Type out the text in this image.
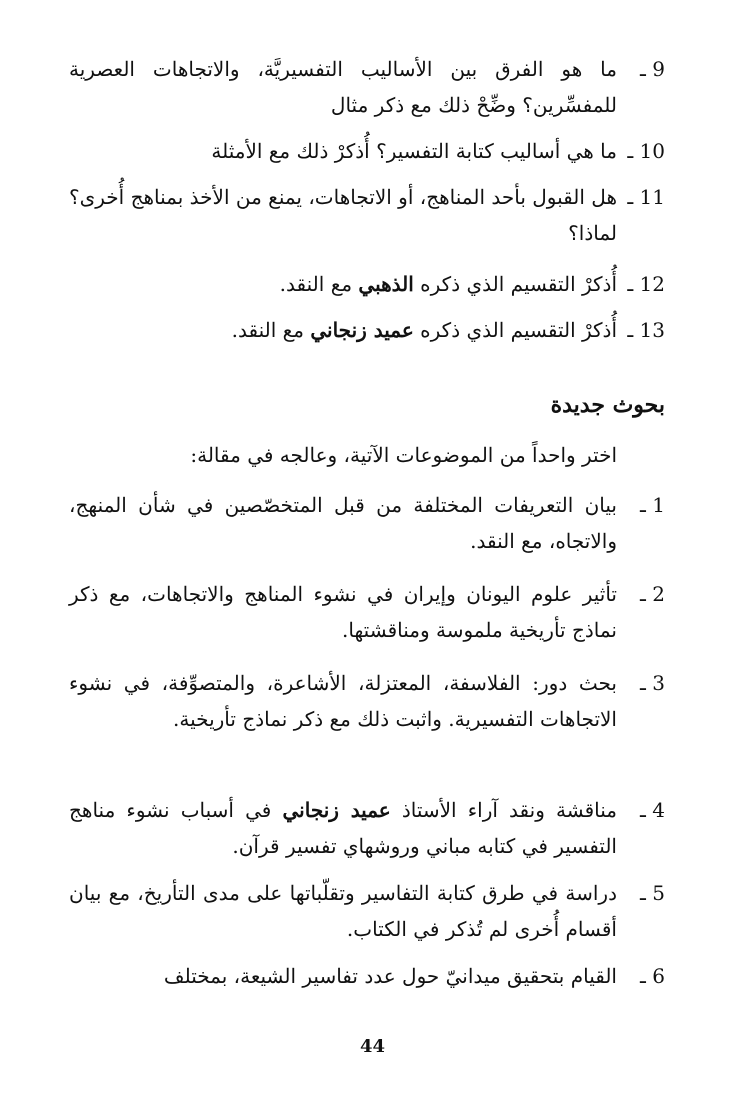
9 ـ
ما هو الفرق بين الأساليب التفسيريَّة، والاتجاهات العصرية للمفسِّرين؟ وضِّحْ ذلك مع ذكر مثال
10 ـ
ما هي أساليب كتابة التفسير؟ أُذكرْ ذلك مع الأمثلة
11 ـ
هل القبول بأحد المناهج، أو الاتجاهات، يمنع من الأخذ بمناهج أُخرى؟ لماذا؟
12 ـ
أُذكرْ التقسيم الذي ذكره الذهبي مع النقد.
13 ـ
أُذكرْ التقسيم الذي ذكره عميد زنجاني مع النقد.
بحوث جديدة
اختر واحداً من الموضوعات الآتية، وعالجه في مقالة:
1 ـ
بيان التعريفات المختلفة من قبل المتخصّصين في شأن المنهج، والاتجاه، مع النقد.
2 ـ
تأثير علوم اليونان وإيران في نشوء المناهج والاتجاهات، مع ذكر نماذج تأريخية ملموسة ومناقشتها.
3 ـ
بحث دور: الفلاسفة، المعتزلة، الأشاعرة، والمتصوِّفة، في نشوء الاتجاهات التفسيرية. واثبت ذلك مع ذكر نماذج تأريخية.
4 ـ
مناقشة ونقد آراء الأستاذ عميد زنجاني في أسباب نشوء مناهج التفسير في كتابه مباني وروشهاي تفسير قرآن.
5 ـ
دراسة في طرق كتابة التفاسير وتقلّباتها على مدى التأريخ، مع بيان أقسام أُخرى لم تُذكر في الكتاب.
6 ـ
القيام بتحقيق ميدانيّ حول عدد تفاسير الشيعة، بمختلف
44
